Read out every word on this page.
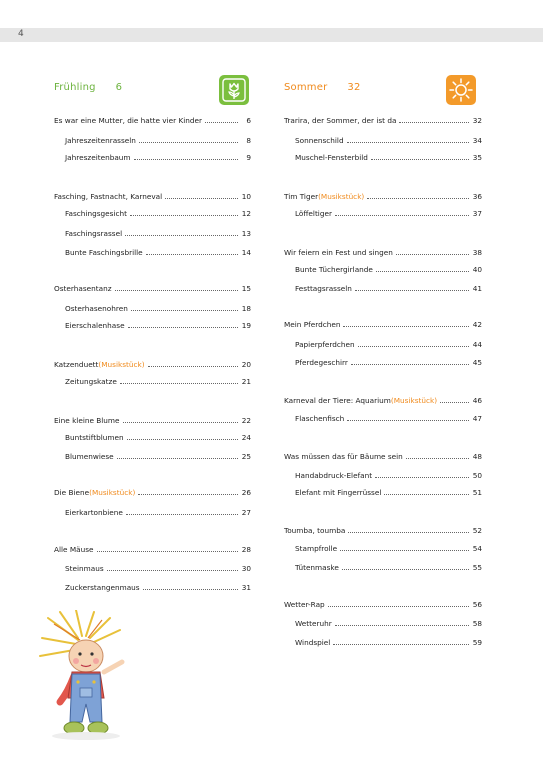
4
Frühling 6	Sommer 32
Es war eine Mutter, die hatte vier Kinder	6
Jahreszeitenrasseln	8
Jahreszeitenbaum	9
Fasching, Fastnacht, Karneval	10
Faschingsgesicht	12
Faschingsrassel	13
Bunte Faschingsbrille	14
Osterhasentanz	15
Osterhasenohren	18
Eierschalenhase	19
Katzenduett (Musikstück)	20
Zeitungskatze	21
Eine kleine Blume	22
Buntstiftblumen	24
Blumenwiese	25
Die Biene (Musikstück)	26
Eierkartonbiene	27
Alle Mäuse	28
Steinmaus	30
Zuckerstangenmaus	31
Trarira, der Sommer, der ist da	32
Sonnenschild	34
Muschel-Fensterbild	35
Tim Tiger (Musikstück)	36
Löffeltiger	37
Wir feiern ein Fest und singen	38
Bunte Tüchergirlande	40
Festtagsrasseln	41
Mein Pferdchen	42
Papierpferdchen	44
Pferdegeschirr	45
Karneval der Tiere: Aquarium (Musikstück)	46
Flaschenfisch	47
Was müssen das für Bäume sein	48
Handabdruck-Elefant	50
Elefant mit Fingerrüssel	51
Toumba, toumba	52
Stampfrolle	54
Tütenmaske	55
Wetter-Rap	56
Wetteruhr	58
Windspiel	59
